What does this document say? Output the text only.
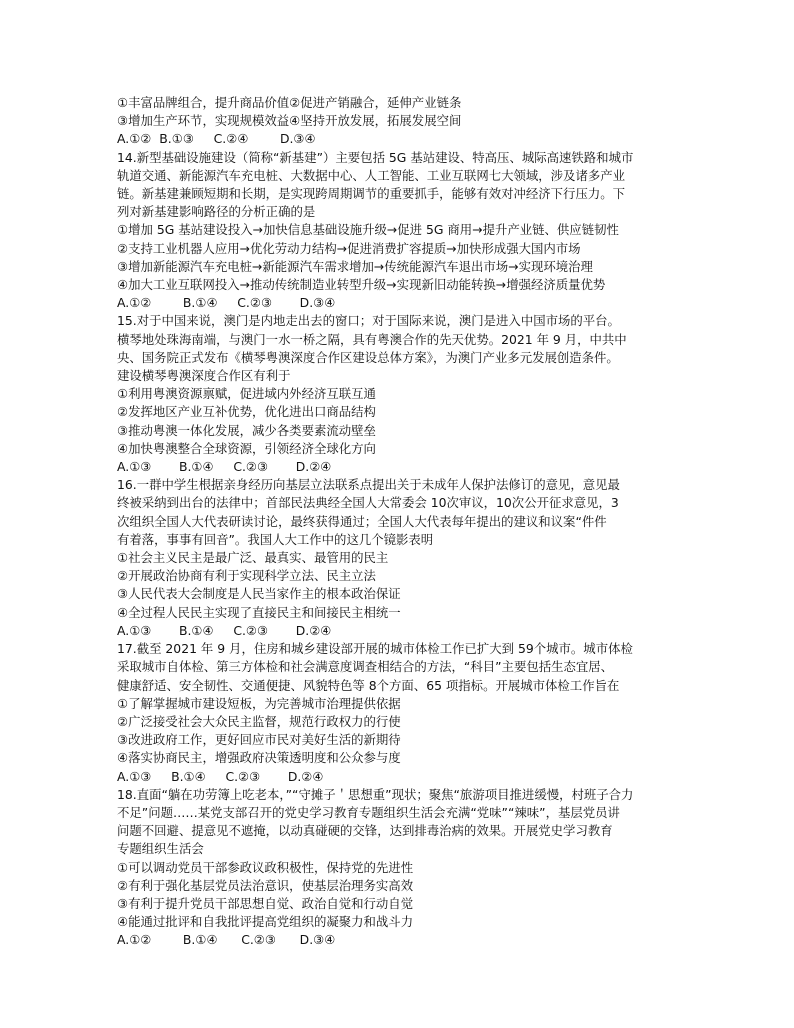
①丰富品牌组合，提升商品价值②促进产销融合，延伸产业链条
③增加生产环节，实现规模效益④坚持开放发展，拓展发展空间
A.①②  B.①③     C.②④        D.③④
14.新型基础设施建设（简称“新基建”）主要包括 5G 基站建设、特高压、城际高速铁路和城市
轨道交通、新能源汽车充电桩、大数据中心、人工智能、工业互联网七大领域，涉及诸多产业
链。新基建兼顾短期和长期，是实现跨周期调节的重要抓手，能够有效对冲经济下行压力。下
列对新基建影响路径的分析正确的是
①增加 5G 基站建设投入→加快信息基础设施升级→促进 5G 商用→提升产业链、供应链韧性
②支持工业机器人应用→优化劳动力结构→促进消费扩容提质→加快形成强大国内市场
③增加新能源汽车充电桩→新能源汽车需求增加→传统能源汽车退出市场→实现环境治理
④加大工业互联网投入→推动传统制造业转型升级→实现新旧动能转换→增强经济质量优势
A.①②        B.①④     C.②③       D.③④
15.对于中国来说，澳门是内地走出去的窗口；对于国际来说，澳门是进入中国市场的平台。
横琴地处珠海南端，与澳门一水一桥之隔，具有粤澳合作的先天优势。2021 年 9 月，中共中
央、国务院正式发布《横琴粤澳深度合作区建设总体方案》，为澳门产业多元发展创造条件。
建设横琴粤澳深度合作区有利于
①利用粤澳资源禀赋，促进域内外经济互联互通
②发挥地区产业互补优势，优化进出口商品结构
③推动粤澳一体化发展，减少各类要素流动壁垒
④加快粤澳整合全球资源，引领经济全球化方向
A.①③       B.①④     C.②③       D.②④
16.一群中学生根据亲身经历向基层立法联系点提出关于未成年人保护法修订的意见，意见最
终被采纳到出台的法律中；首部民法典经全国人大常委会 10次审议，10次公开征求意见，3
次组织全国人大代表研读讨论，最终获得通过；全国人大代表每年提出的建议和议案“件件
有着落，事事有回音”。我国人大工作中的这几个镜影表明
①社会主义民主是最广泛、最真实、最管用的民主
②开展政治协商有利于实现科学立法、民主立法
③人民代表大会制度是人民当家作主的根本政治保证
④全过程人民民主实现了直接民主和间接民主相统一
A.①③       B.①④     C.②③       D.②④
17.截至 2021 年 9 月，住房和城乡建设部开展的城市体检工作已扩大到 59个城市。城市体检
采取城市自体检、第三方体检和社会满意度调查相结合的方法，“科目”主要包括生态宜居、
健康舒适、安全韧性、交通便捷、风貌特色等 8个方面、65 项指标。开展城市体检工作旨在
①了解掌握城市建设短板，为完善城市治理提供依据
②广泛接受社会大众民主监督，规范行政权力的行使
③改进政府工作，更好回应市民对美好生活的新期待
④落实协商民主，增强政府决策透明度和公众参与度
A.①③     B.①④     C.②③       D.②④
18.直面“躺在功劳簿上吃老本，”“守摊子＇思想重”现状；聚焦“旅游项目推进缓慢，村班子合力
不足”问题……某党支部召开的党史学习教育专题组织生活会充满“党味”“辣味”，基层党员讲
问题不回避、提意见不遮掩，以动真碰硬的交锋，达到排毒治病的效果。开展党史学习教育
专题组织生活会
①可以调动党员干部参政议政积极性，保持党的先进性
②有利于强化基层党员法治意识，使基层治理务实高效
③有利于提升党员干部思想自觉、政治自觉和行动自觉
④能通过批评和自我批评提高党组织的凝聚力和战斗力
A.①②        B.①④      C.②③      D.③④
